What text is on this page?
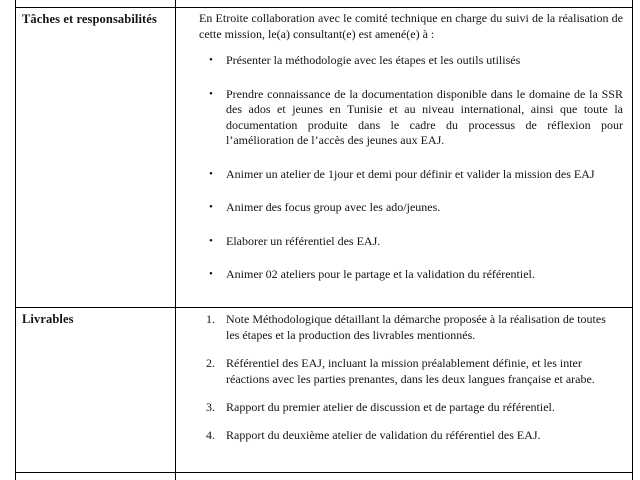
Tâches et responsabilités	En Etroite collaboration avec le comité technique en charge du suivi de la réalisation de cette mission, le(a) consultant(e) est amené(e) à :

•	Présenter la méthodologie avec les étapes et les outils utilisés
•	Prendre connaissance de la documentation disponible dans le domaine de la SSR des ados et jeunes en Tunisie et au niveau international, ainsi que toute la documentation produite dans le cadre du processus de réflexion pour l’amélioration de l’accès des jeunes aux EAJ.
•	Animer un atelier de 1jour et demi pour définir et valider la mission des EAJ
•	Animer des focus group avec les ado/jeunes.
•	Elaborer un référentiel des EAJ.
•	Animer 02 ateliers pour le partage et la validation du référentiel.
Livrables	1. Note Méthodologique détaillant la démarche proposée à la réalisation de toutes les étapes et la production des livrables mentionnés.
2. Référentiel des EAJ, incluant la mission préalablement définie, et les inter réactions avec les parties prenantes, dans les deux langues française et arabe.
3. Rapport du premier atelier de discussion et de partage du référentiel.
4. Rapport du deuxième atelier de validation du référentiel des EAJ.
